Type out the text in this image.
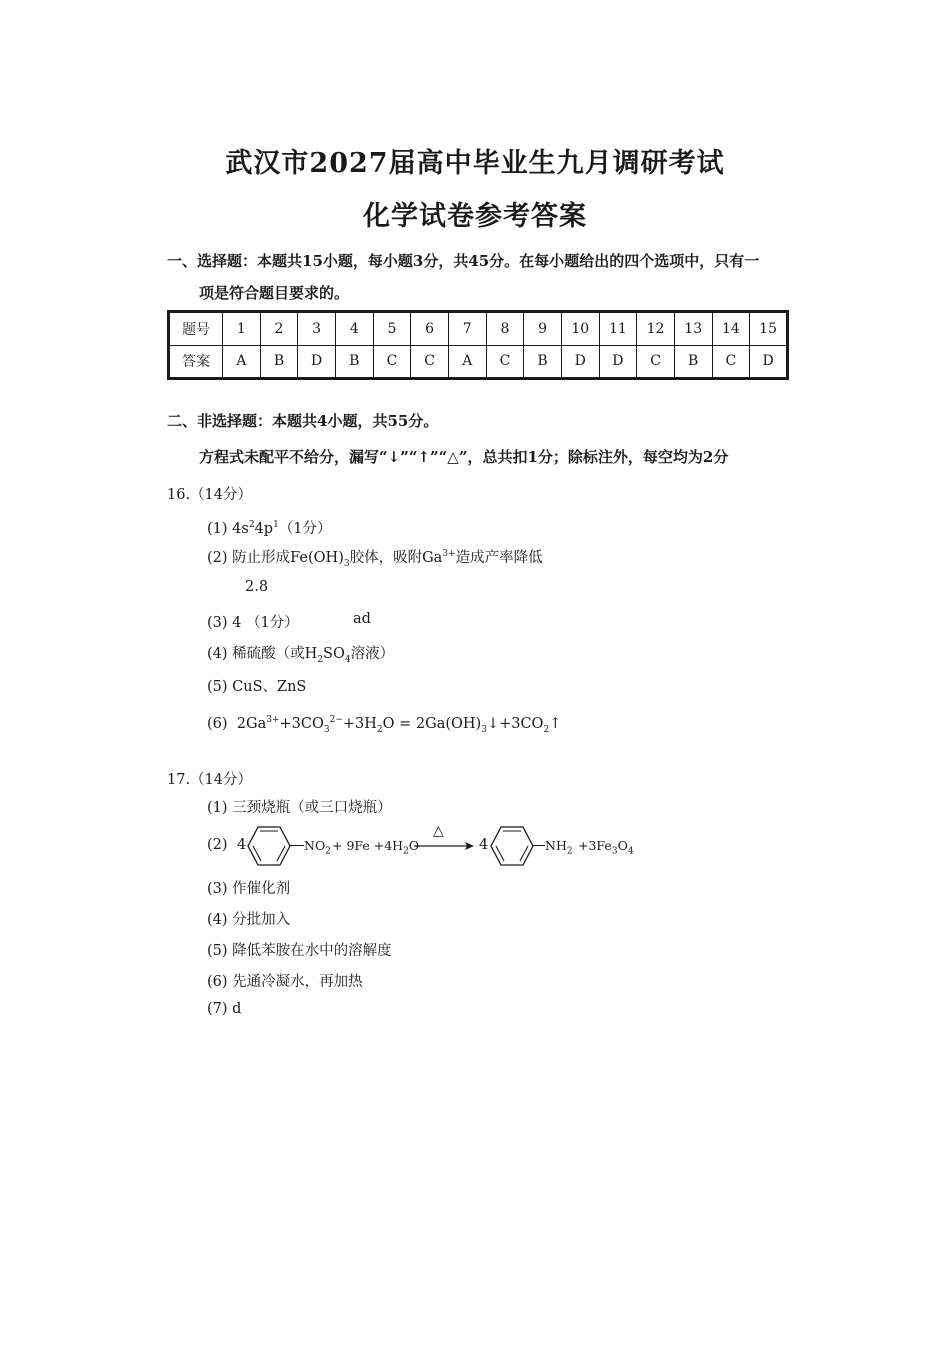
武汉市2027届高中毕业生九月调研考试
化学试卷参考答案
一、选择题：本题共15小题，每小题3分，共45分。在每小题给出的四个选项中，只有一
项是符合题目要求的。
题号	1	2	3	4	5	6	7	8	9	10	11	12	13	14	15
答案	A	B	D	B	C	C	A	C	B	D	D	C	B	C	D
二、非选择题：本题共4小题，共55分。
方程式未配平不给分，漏写“↓”“↑”“△”，总共扣1分；除标注外，每空均为2分
16.（14分）
(1) $4s^24p^1(1$分）
(2) 防止形成$Fe(OH)_3$胶体，吸附$Ga^{3+}$造成产率降低
2.8
(3) 4 （1分）	ad
(4) 稀硫酸（或$H_2SO_4$溶液）
(5) CuS、ZnS
(6) $2Ga^{3+}+3CO_3^{2-}+3H_2O$ = $2Ga(OH)_3↓+3CO_2↑$
17.（14分）
(1) 三颈烧瓶（或三口烧瓶）
(2) 4	$NO_2 + 9Fe +4H_2O$
△
→ 4	$NH_2 +3Fe_3O_4$
(3) 作催化剂
(4) 分批加入
(5) 降低苯胺在水中的溶解度
(6) 先通冷凝水，再加热
(7) d
